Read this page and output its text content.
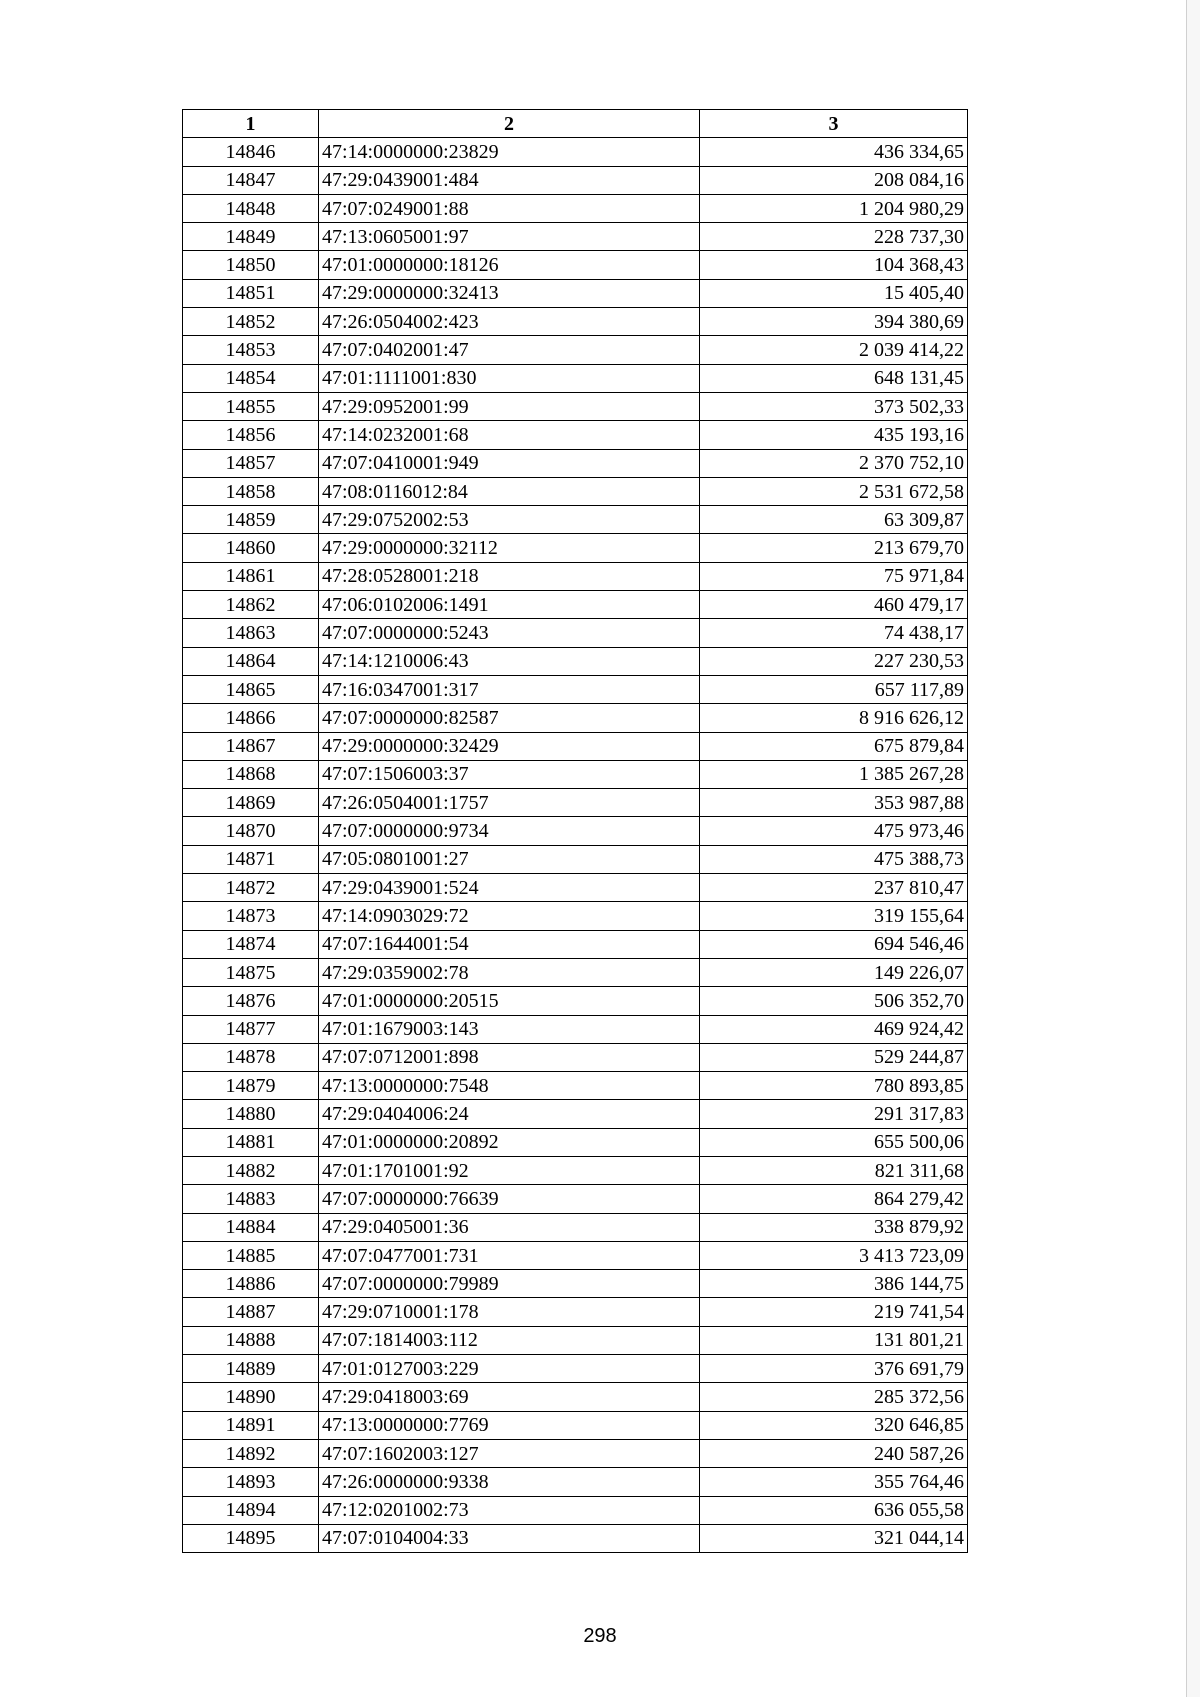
1	2	3
14846	47:14:0000000:23829	436 334,65
14847	47:29:0439001:484	208 084,16
14848	47:07:0249001:88	1 204 980,29
14849	47:13:0605001:97	228 737,30
14850	47:01:0000000:18126	104 368,43
14851	47:29:0000000:32413	15 405,40
14852	47:26:0504002:423	394 380,69
14853	47:07:0402001:47	2 039 414,22
14854	47:01:1111001:830	648 131,45
14855	47:29:0952001:99	373 502,33
14856	47:14:0232001:68	435 193,16
14857	47:07:0410001:949	2 370 752,10
14858	47:08:0116012:84	2 531 672,58
14859	47:29:0752002:53	63 309,87
14860	47:29:0000000:32112	213 679,70
14861	47:28:0528001:218	75 971,84
14862	47:06:0102006:1491	460 479,17
14863	47:07:0000000:5243	74 438,17
14864	47:14:1210006:43	227 230,53
14865	47:16:0347001:317	657 117,89
14866	47:07:0000000:82587	8 916 626,12
14867	47:29:0000000:32429	675 879,84
14868	47:07:1506003:37	1 385 267,28
14869	47:26:0504001:1757	353 987,88
14870	47:07:0000000:9734	475 973,46
14871	47:05:0801001:27	475 388,73
14872	47:29:0439001:524	237 810,47
14873	47:14:0903029:72	319 155,64
14874	47:07:1644001:54	694 546,46
14875	47:29:0359002:78	149 226,07
14876	47:01:0000000:20515	506 352,70
14877	47:01:1679003:143	469 924,42
14878	47:07:0712001:898	529 244,87
14879	47:13:0000000:7548	780 893,85
14880	47:29:0404006:24	291 317,83
14881	47:01:0000000:20892	655 500,06
14882	47:01:1701001:92	821 311,68
14883	47:07:0000000:76639	864 279,42
14884	47:29:0405001:36	338 879,92
14885	47:07:0477001:731	3 413 723,09
14886	47:07:0000000:79989	386 144,75
14887	47:29:0710001:178	219 741,54
14888	47:07:1814003:112	131 801,21
14889	47:01:0127003:229	376 691,79
14890	47:29:0418003:69	285 372,56
14891	47:13:0000000:7769	320 646,85
14892	47:07:1602003:127	240 587,26
14893	47:26:0000000:9338	355 764,46
14894	47:12:0201002:73	636 055,58
14895	47:07:0104004:33	321 044,14
298
